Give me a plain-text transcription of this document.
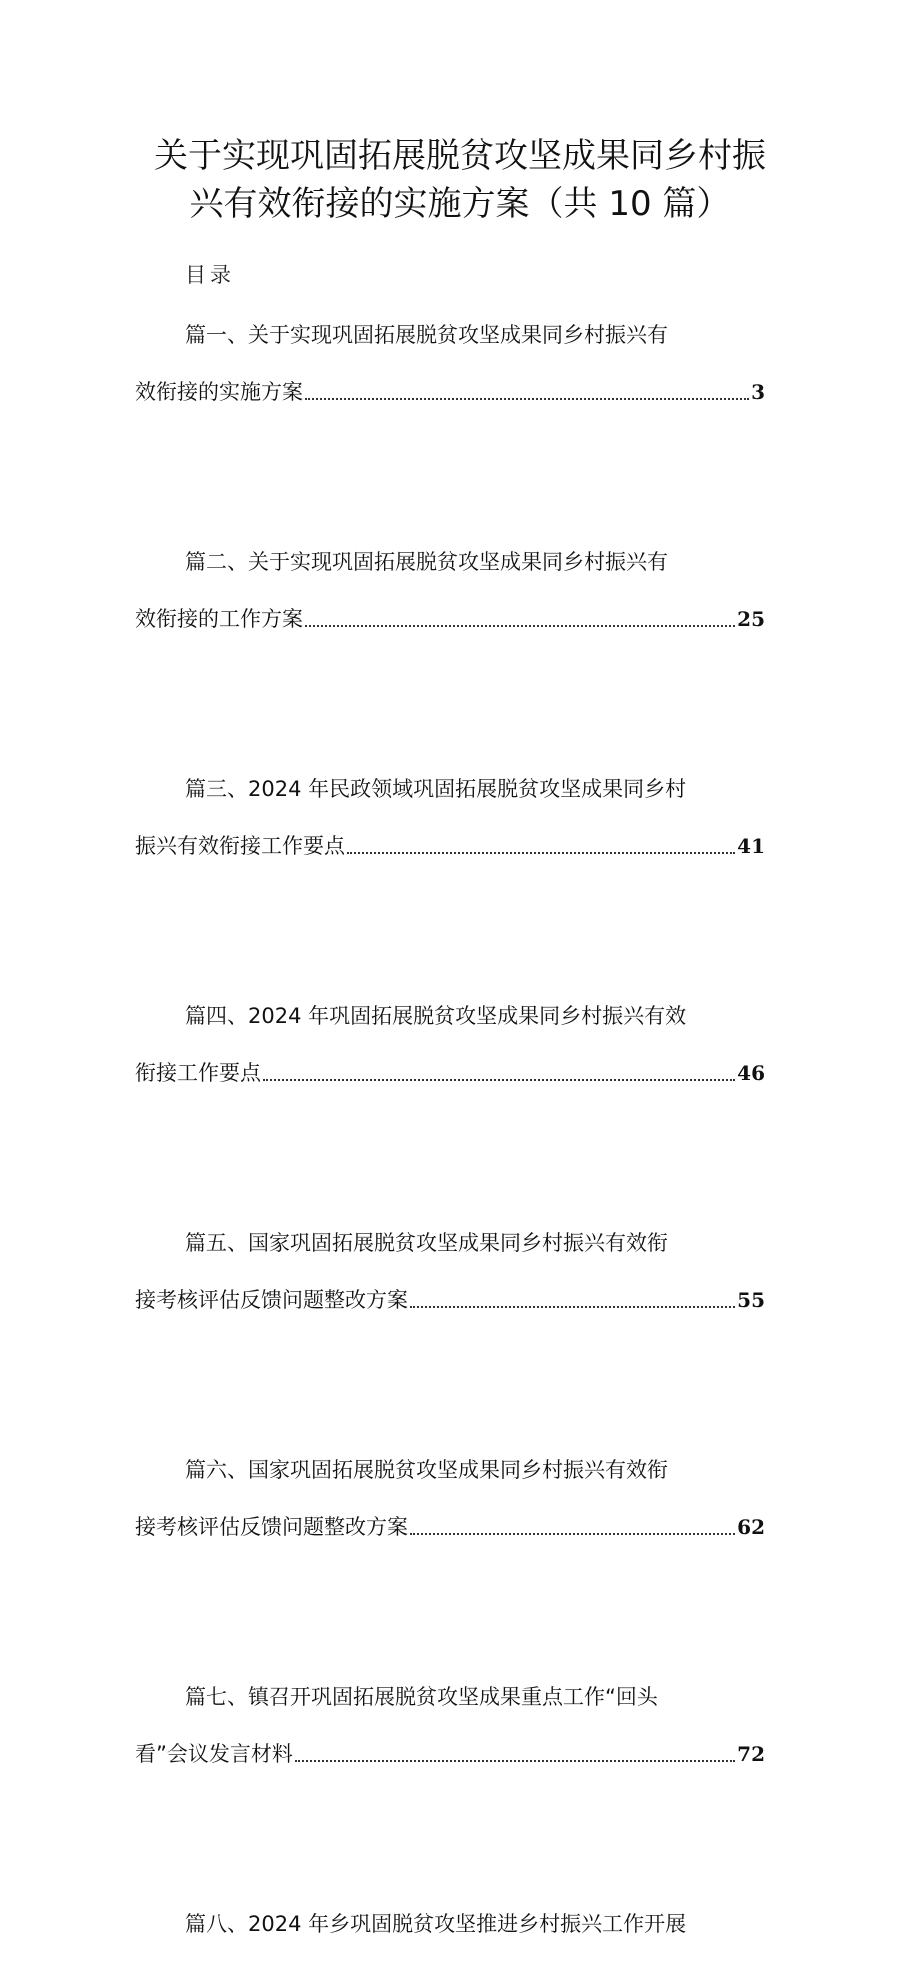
关于实现巩固拓展脱贫攻坚成果同乡村振
兴有效衔接的实施方案（共 10 篇）
目录
篇一、关于实现巩固拓展脱贫攻坚成果同乡村振兴有
效衔接的实施方案	3
篇二、关于实现巩固拓展脱贫攻坚成果同乡村振兴有
效衔接的工作方案	25
篇三、2024 年民政领域巩固拓展脱贫攻坚成果同乡村
振兴有效衔接工作要点	41
篇四、2024 年巩固拓展脱贫攻坚成果同乡村振兴有效
衔接工作要点	46
篇五、国家巩固拓展脱贫攻坚成果同乡村振兴有效衔
接考核评估反馈问题整改方案	55
篇六、国家巩固拓展脱贫攻坚成果同乡村振兴有效衔
接考核评估反馈问题整改方案	62
篇七、镇召开巩固拓展脱贫攻坚成果重点工作“回头
看”会议发言材料	72
篇八、2024 年乡巩固脱贫攻坚推进乡村振兴工作开展
